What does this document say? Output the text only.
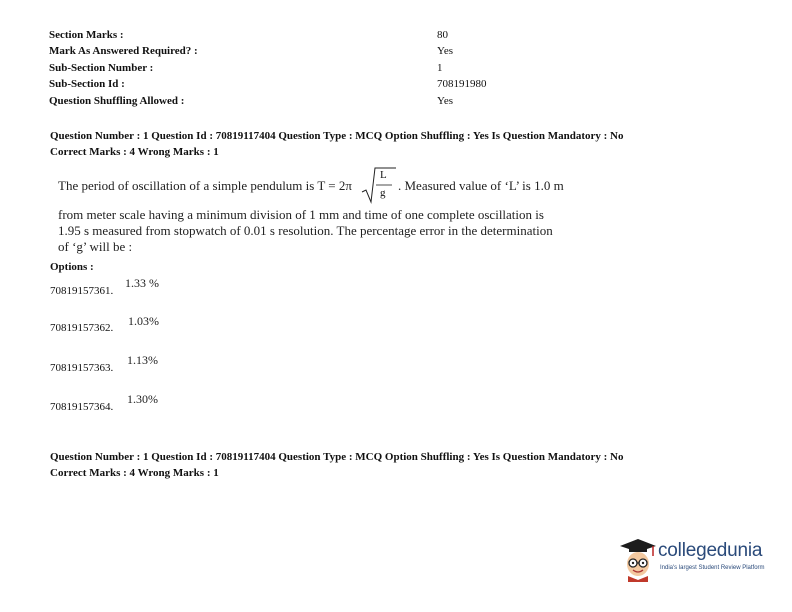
Section Marks :	80
Mark As Answered Required? :	Yes
Sub-Section Number :	1
Sub-Section Id :	708191980
Question Shuffling Allowed :	Yes
Question Number : 1 Question Id : 70819117404 Question Type : MCQ Option Shuffling : Yes Is Question Mandatory : No
Correct Marks : 4 Wrong Marks : 1
The period of oscillation of a simple pendulum is T = 2π
L
g . Measured value of ‘L’ is 1.0 m
from meter scale having a minimum division of 1 mm and time of one complete oscillation is
1.95 s measured from stopwatch of 0.01 s resolution. The percentage error in the determination
of ‘g’ will be :
Options :
70819157361.
1.33 %
70819157362. 1.03%
70819157363.
1.13%
70819157364.
1.30%
Question Number : 1 Question Id : 70819117404 Question Type : MCQ Option Shuffling : Yes Is Question Mandatory : No
Correct Marks : 4 Wrong Marks : 1
collegedunia
India's largest Student Review Platform
